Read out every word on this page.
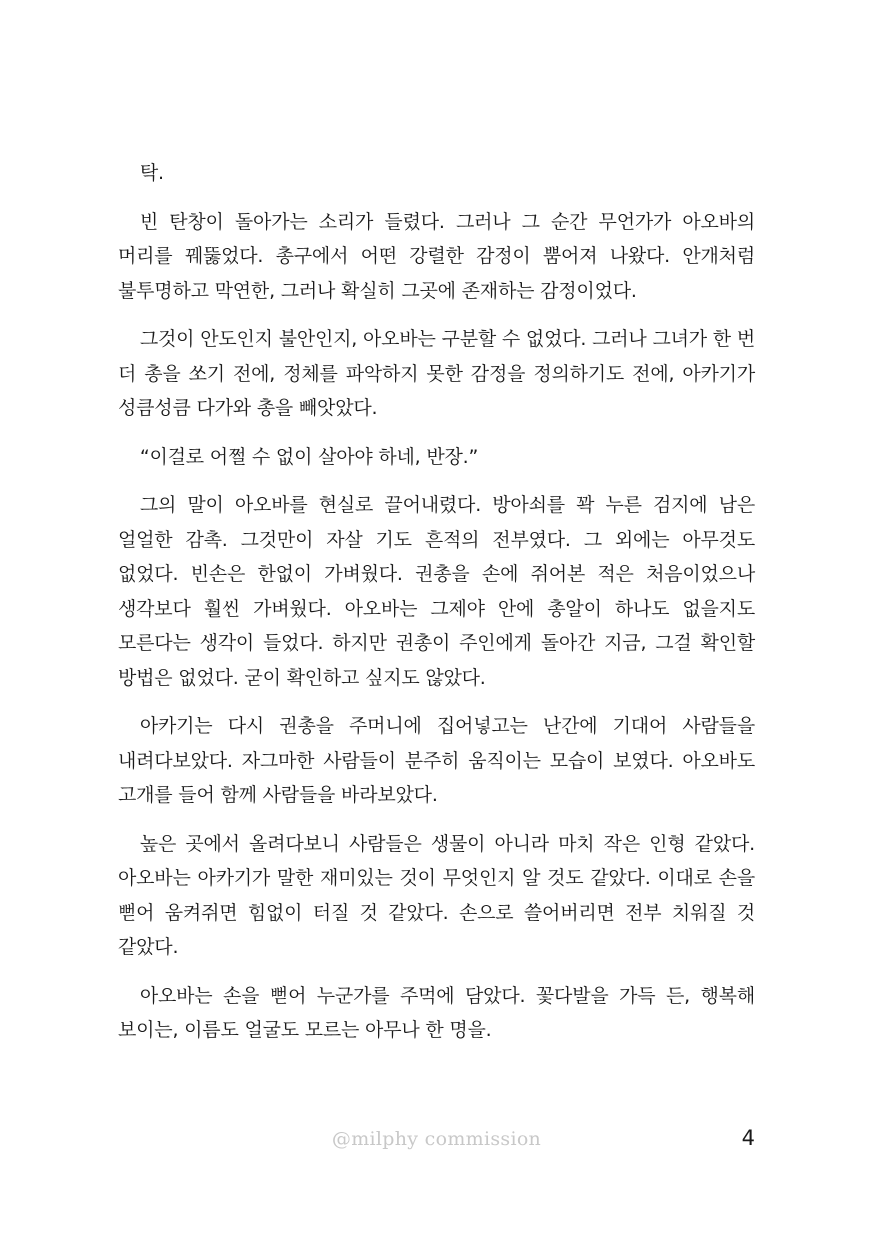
탁.

빈 탄창이 돌아가는 소리가 들렸다. 그러나 그 순간 무언가가 아오바의 머리를 꿰뚫었다. 총구에서 어떤 강렬한 감정이 뿜어져 나왔다. 안개처럼 불투명하고 막연한, 그러나 확실히 그곳에 존재하는 감정이었다.

그것이 안도인지 불안인지, 아오바는 구분할 수 없었다. 그러나 그녀가 한 번 더 총을 쏘기 전에, 정체를 파악하지 못한 감정을 정의하기도 전에, 아카기가 성큼성큼 다가와 총을 빼앗았다.

“이걸로 어쩔 수 없이 살아야 하네, 반장.”

그의 말이 아오바를 현실로 끌어내렸다. 방아쇠를 꽉 누른 검지에 남은 얼얼한 감촉. 그것만이 자살 기도 흔적의 전부였다. 그 외에는 아무것도 없었다. 빈손은 한없이 가벼웠다. 권총을 손에 쥐어본 적은 처음이었으나 생각보다 훨씬 가벼웠다. 아오바는 그제야 안에 총알이 하나도 없을지도 모른다는 생각이 들었다. 하지만 권총이 주인에게 돌아간 지금, 그걸 확인할 방법은 없었다. 굳이 확인하고 싶지도 않았다.

아카기는 다시 권총을 주머니에 집어넣고는 난간에 기대어 사람들을 내려다보았다. 자그마한 사람들이 분주히 움직이는 모습이 보였다. 아오바도 고개를 들어 함께 사람들을 바라보았다.

높은 곳에서 올려다보니 사람들은 생물이 아니라 마치 작은 인형 같았다. 아오바는 아카기가 말한 재미있는 것이 무엇인지 알 것도 같았다. 이대로 손을 뻗어 움켜쥐면 힘없이 터질 것 같았다. 손으로 쓸어버리면 전부 치워질 것 같았다.

아오바는 손을 뻗어 누군가를 주먹에 담았다. 꽃다발을 가득 든, 행복해 보이는, 이름도 얼굴도 모르는 아무나 한 명을.

@milphy commission	4
